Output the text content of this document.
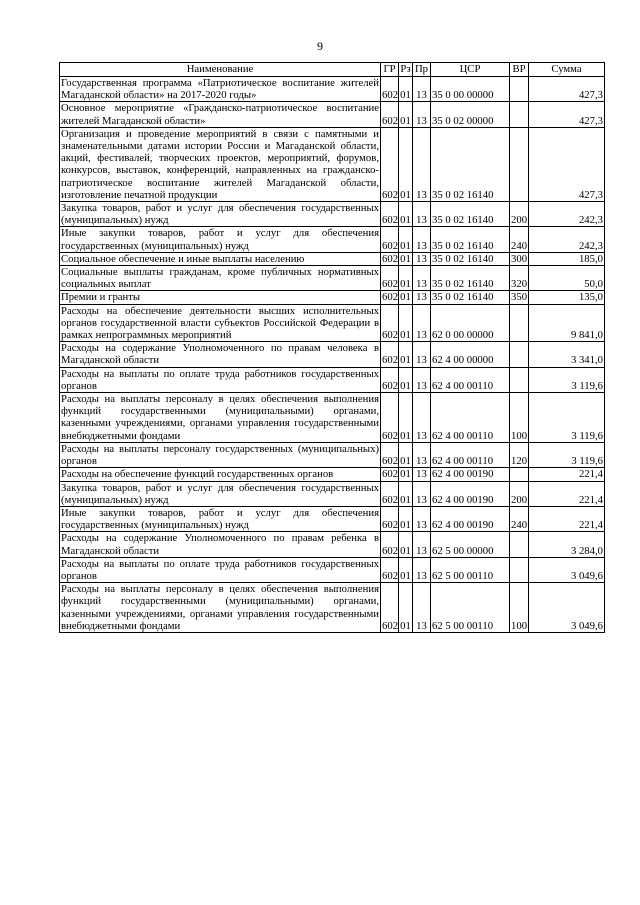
9
Наименование	ГР	Рз	Пр	ЦСР	ВР	Сумма
Государственная программа «Патриотическое воспитание жителей Магаданской области» на 2017-2020 годы»	602	01	13	35 0 00 00000		427,3
Основное мероприятие «Гражданско-патриотическое воспитание жителей Магаданской области»	602	01	13	35 0 02 00000		427,3
Организация и проведение мероприятий в связи с памятными и знаменательными датами истории России и Магаданской области, акций, фестивалей, творческих проектов, мероприятий, форумов, конкурсов, выставок, конференций, направленных на гражданско-патриотическое воспитание жителей Магаданской области, изготовление печатной продукции	602	01	13	35 0 02 16140		427,3
Закупка товаров, работ и услуг для обеспечения государственных (муниципальных) нужд	602	01	13	35 0 02 16140	200	242,3
Иные закупки товаров, работ и услуг для обеспечения государственных (муниципальных) нужд	602	01	13	35 0 02 16140	240	242,3
Социальное обеспечение и иные выплаты населению	602	01	13	35 0 02 16140	300	185,0
Социальные выплаты гражданам, кроме публичных нормативных социальных выплат	602	01	13	35 0 02 16140	320	50,0
Премии и гранты	602	01	13	35 0 02 16140	350	135,0
Расходы на обеспечение деятельности высших исполнительных органов государственной власти субъектов Российской Федерации в рамках непрограммных мероприятий	602	01	13	62 0 00 00000		9 841,0
Расходы на содержание Уполномоченного по правам человека в Магаданской области	602	01	13	62 4 00 00000		3 341,0
Расходы на выплаты по оплате труда работников государственных органов	602	01	13	62 4 00 00110		3 119,6
Расходы на выплаты персоналу в целях обеспечения выполнения функций государственными (муниципальными) органами, казенными учреждениями, органами управления государственными внебюджетными фондами	602	01	13	62 4 00 00110	100	3 119,6
Расходы на выплаты персоналу государственных (муниципальных) органов	602	01	13	62 4 00 00110	120	3 119,6
Расходы на обеспечение функций государственных органов	602	01	13	62 4 00 00190		221,4
Закупка товаров, работ и услуг для обеспечения государственных (муниципальных) нужд	602	01	13	62 4 00 00190	200	221,4
Иные закупки товаров, работ и услуг для обеспечения государственных (муниципальных) нужд	602	01	13	62 4 00 00190	240	221,4
Расходы на содержание Уполномоченного по правам ребенка в Магаданской области	602	01	13	62 5 00 00000		3 284,0
Расходы на выплаты по оплате труда работников государственных органов	602	01	13	62 5 00 00110		3 049,6
Расходы на выплаты персоналу в целях обеспечения выполнения функций государственными (муниципальными) органами, казенными учреждениями, органами управления государственными внебюджетными фондами	602	01	13	62 5 00 00110	100	3 049,6
